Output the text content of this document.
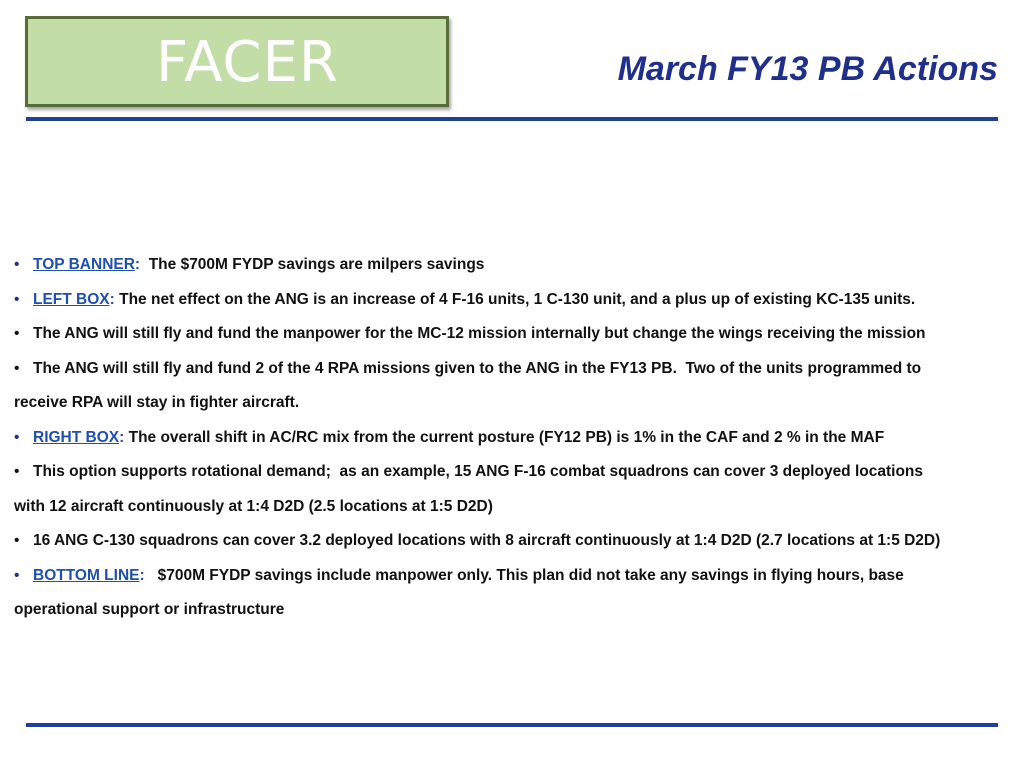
FACER	March FY13 PB Actions
• TOP BANNER:  The $700M FYDP savings are milpers savings
• LEFT BOX: The net effect on the ANG is an increase of 4 F-16 units, 1 C-130 unit, and a plus up of existing KC-135 units.
• The ANG will still fly and fund the manpower for the MC-12 mission internally but change the wings receiving the mission
• The ANG will still fly and fund 2 of the 4 RPA missions given to the ANG in the FY13 PB.  Two of the units programmed to
receive RPA will stay in fighter aircraft.
• RIGHT BOX: The overall shift in AC/RC mix from the current posture (FY12 PB) is 1% in the CAF and 2 % in the MAF
• This option supports rotational demand;  as an example, 15 ANG F-16 combat squadrons can cover 3 deployed locations
with 12 aircraft continuously at 1:4 D2D (2.5 locations at 1:5 D2D)
• 16 ANG C-130 squadrons can cover 3.2 deployed locations with 8 aircraft continuously at 1:4 D2D (2.7 locations at 1:5 D2D)
• BOTTOM LINE:   $700M FYDP savings include manpower only. This plan did not take any savings in flying hours, base
operational support or infrastructure
